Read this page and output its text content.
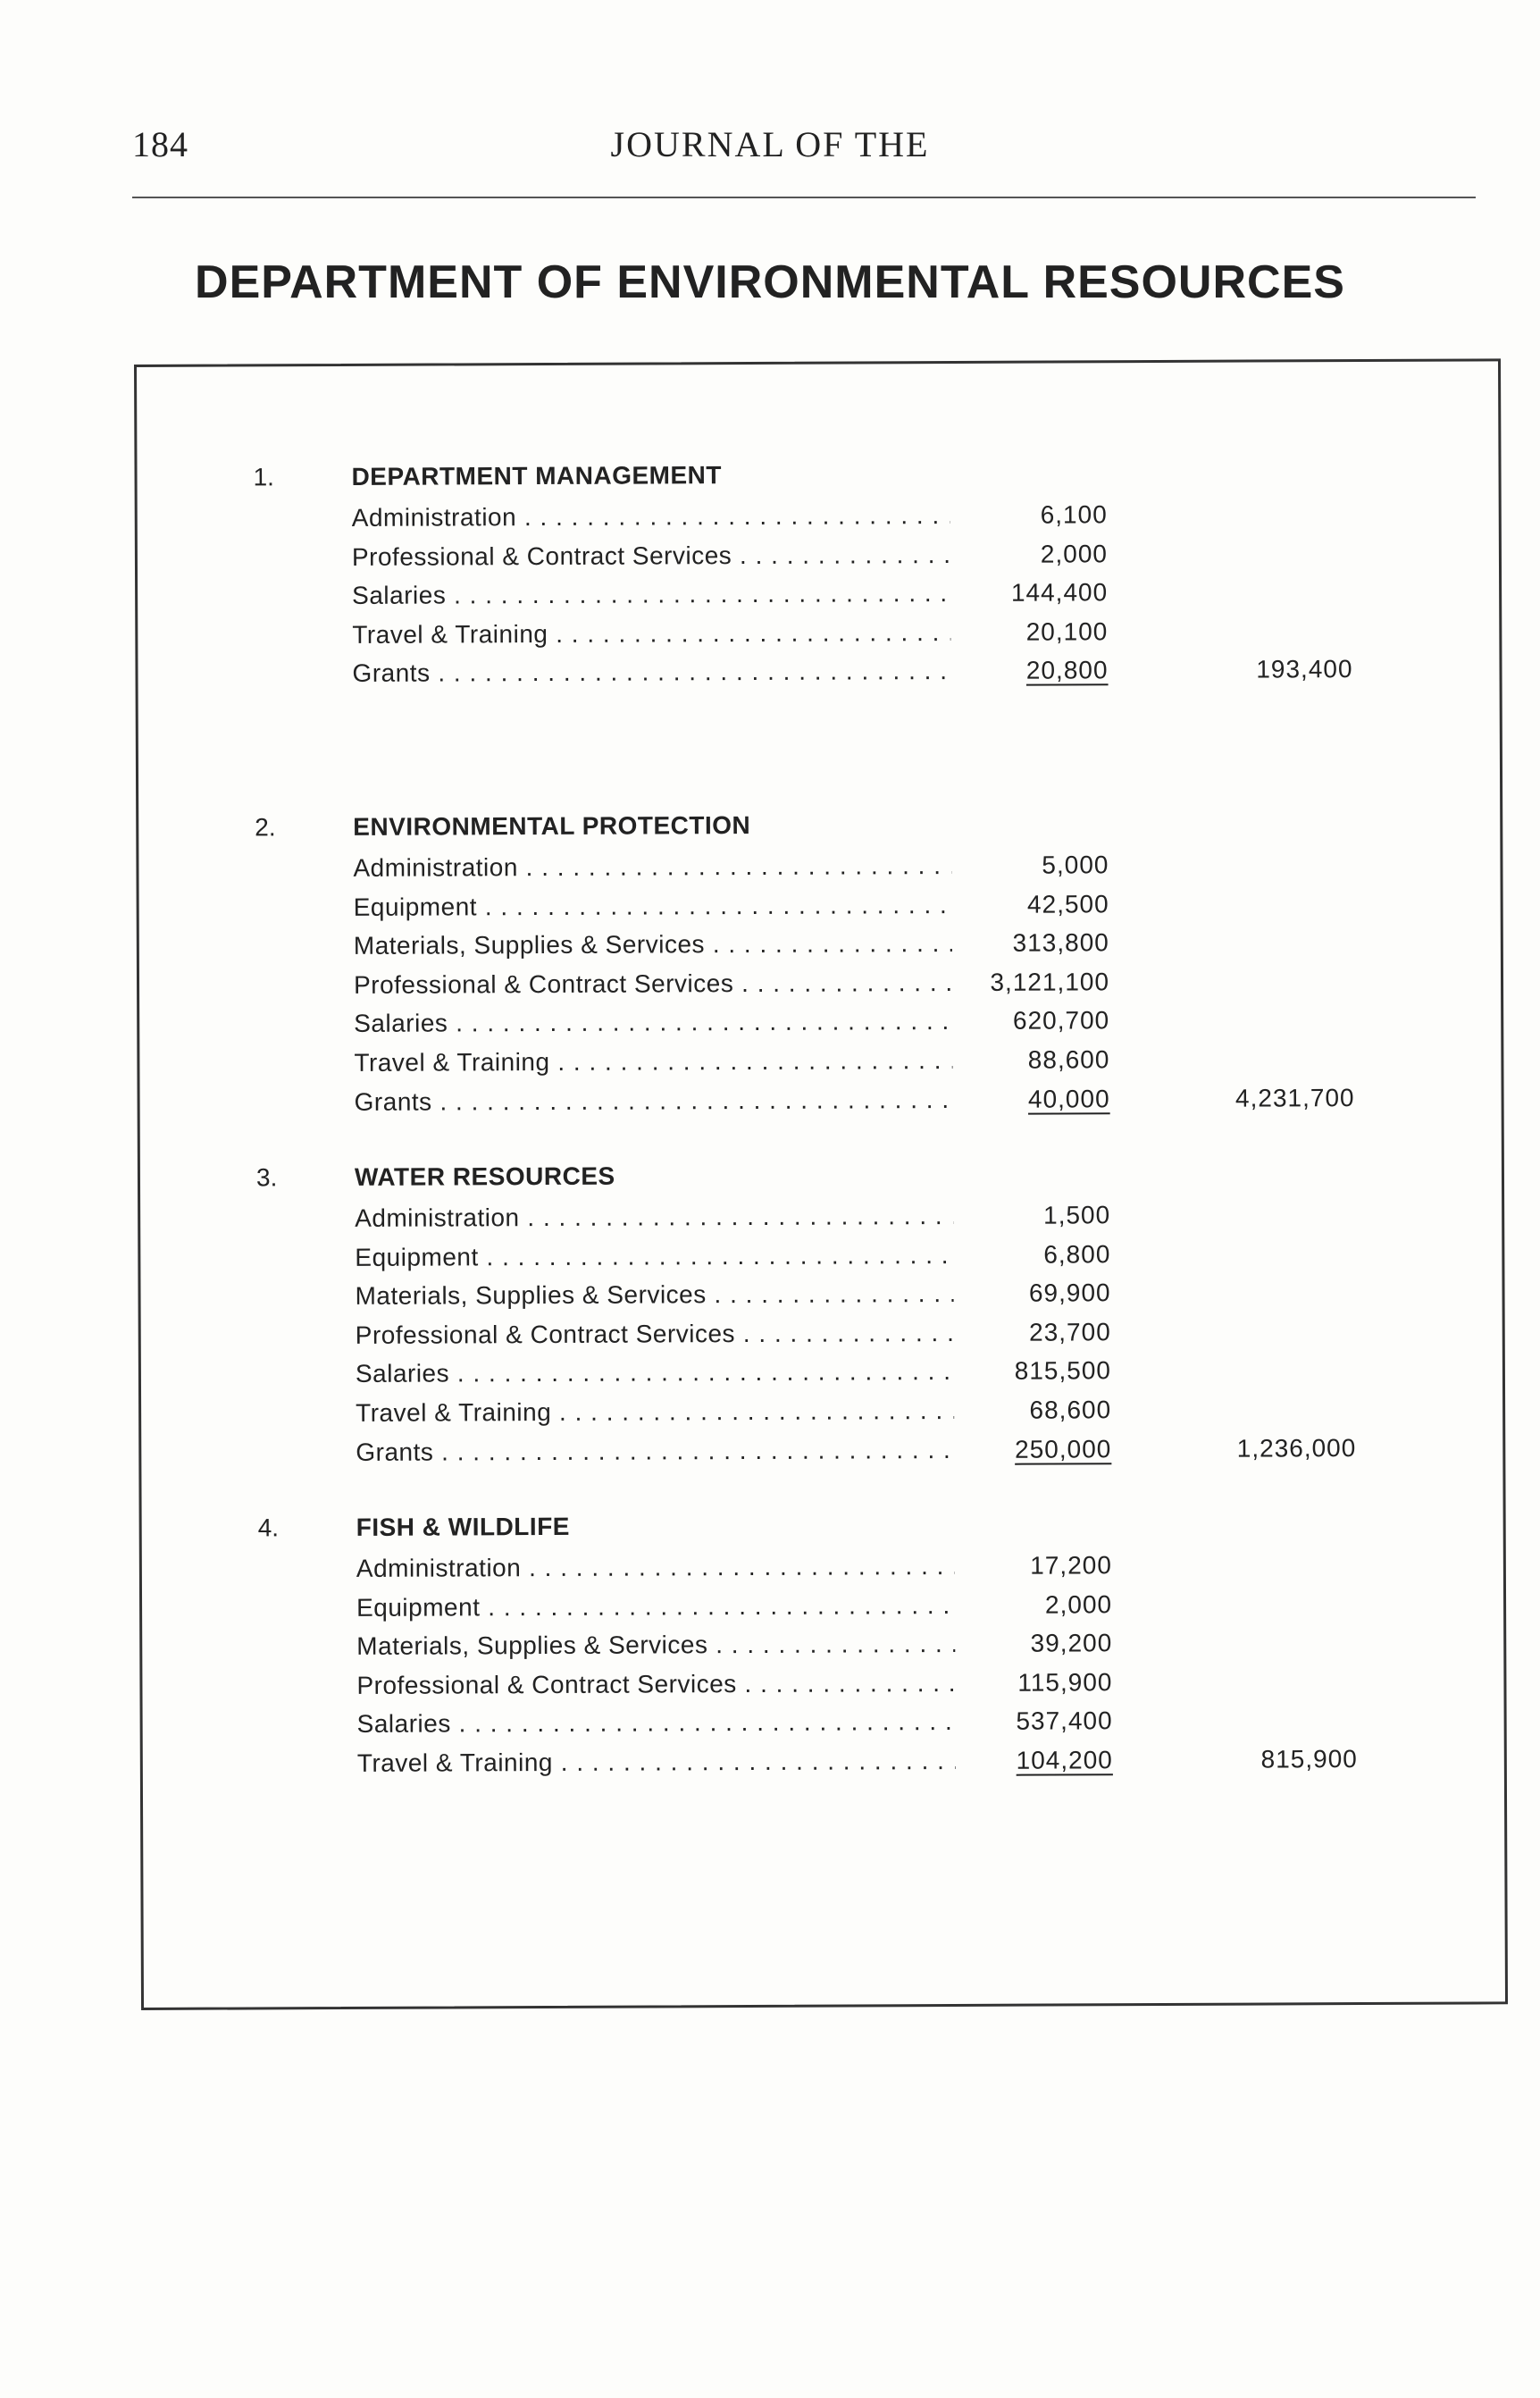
184	JOURNAL OF THE
DEPARTMENT OF ENVIRONMENTAL RESOURCES
1.	DEPARTMENT MANAGEMENT
Administration . . .	6,100
Professional & Contract Services . . .	2,000
Salaries . . .	144,400
Travel & Training . . .	20,100
Grants . . .	20,800	193,400
2.	ENVIRONMENTAL PROTECTION
Administration . . .	5,000
Equipment . . .	42,500
Materials, Supplies & Services . . .	313,800
Professional & Contract Services . . .	3,121,100
Salaries . . .	620,700
Travel & Training . . .	88,600
Grants . . .	40,000	4,231,700
3.	WATER RESOURCES
Administration . . .	1,500
Equipment . . .	6,800
Materials, Supplies & Services . . .	69,900
Professional & Contract Services . . .	23,700
Salaries . . .	815,500
Travel & Training . . .	68,600
Grants . . .	250,000	1,236,000
4.	FISH & WILDLIFE
Administration . . .	17,200
Equipment . . .	2,000
Materials, Supplies & Services . . .	39,200
Professional & Contract Services . . .	115,900
Salaries . . .	537,400
Travel & Training . . .	104,200	815,900
